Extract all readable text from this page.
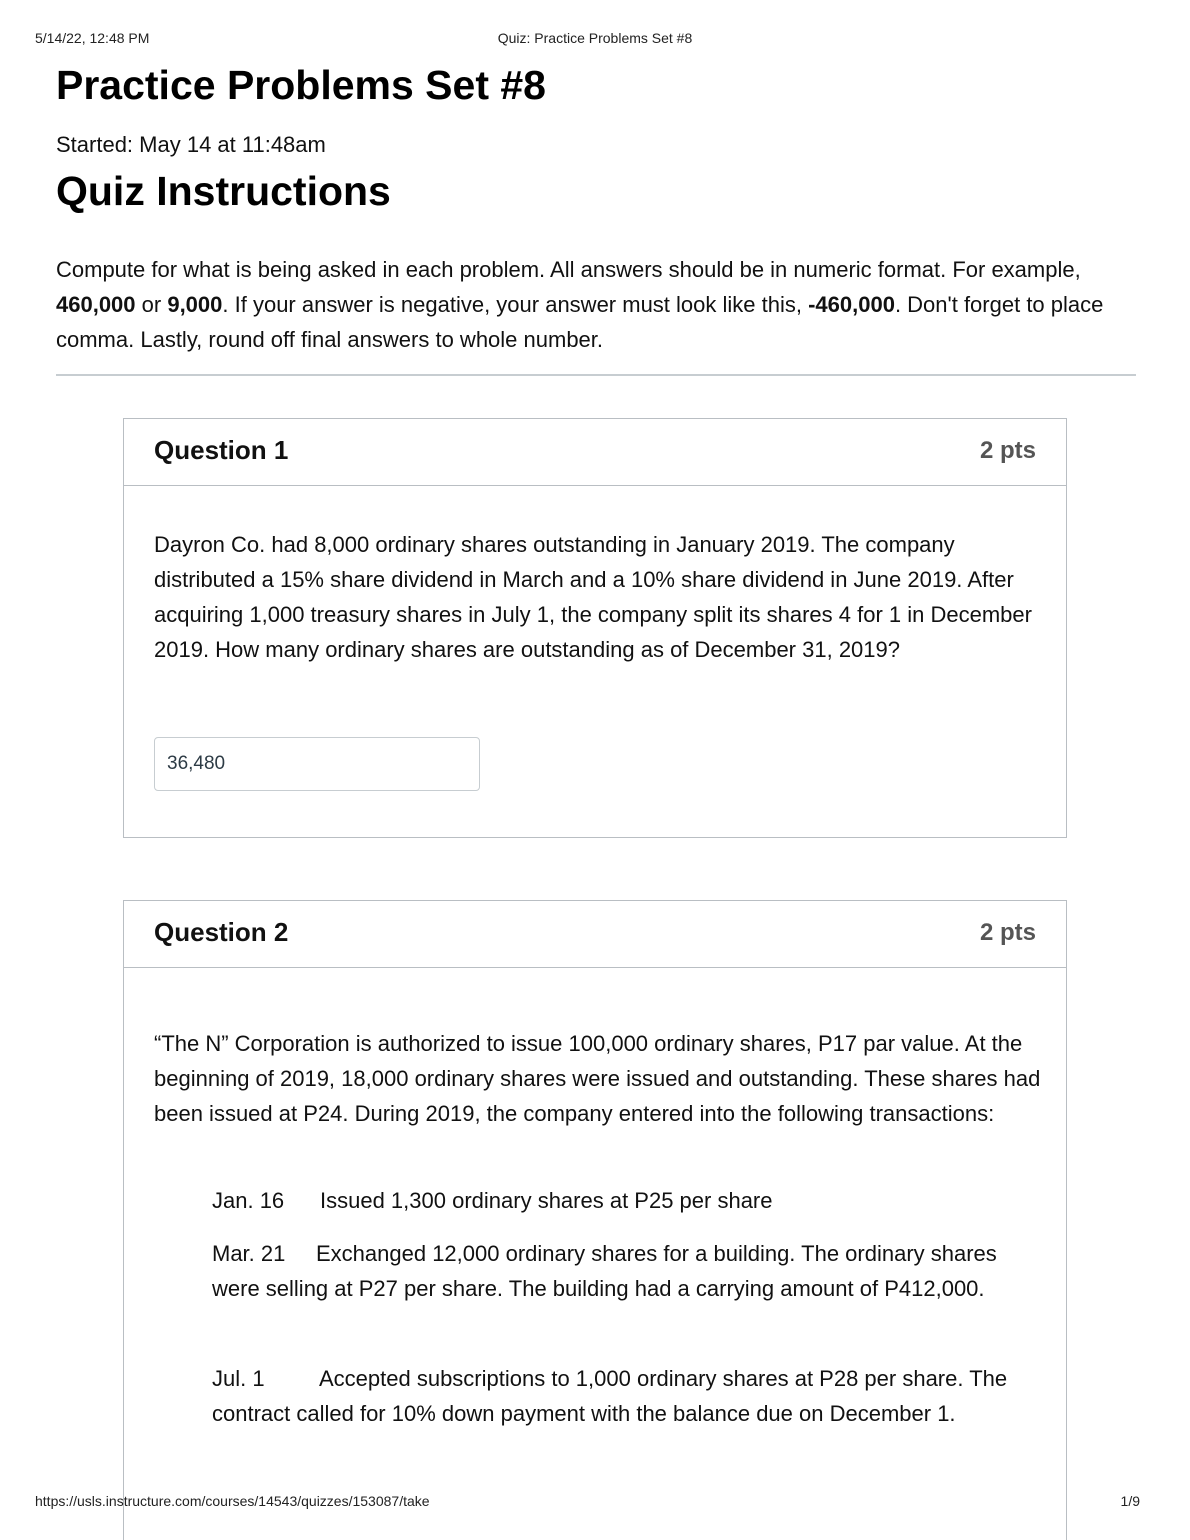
5/14/22, 12:48 PM	Quiz: Practice Problems Set #8
Practice Problems Set #8
Started: May 14 at 11:48am
Quiz Instructions
Compute for what is being asked in each problem. All answers should be in numeric format. For example, 460,000 or 9,000. If your answer is negative, your answer must look like this, -460,000. Don't forget to place comma. Lastly, round off final answers to whole number.
Question 1	2 pts
Dayron Co. had 8,000 ordinary shares outstanding in January 2019. The company distributed a 15% share dividend in March and a 10% share dividend in June 2019. After acquiring 1,000 treasury shares in July 1, the company split its shares 4 for 1 in December 2019. How many ordinary shares are outstanding as of December 31, 2019?
36,480
Question 2	2 pts
“The N” Corporation is authorized to issue 100,000 ordinary shares, P17 par value. At the beginning of 2019, 18,000 ordinary shares were issued and outstanding. These shares had been issued at P24. During 2019, the company entered into the following transactions:
Jan. 16 Issued 1,300 ordinary shares at P25 per share
Mar. 21 Exchanged 12,000 ordinary shares for a building. The ordinary shares were selling at P27 per share. The building had a carrying amount of P412,000.
Jul. 1 Accepted subscriptions to 1,000 ordinary shares at P28 per share. The contract called for 10% down payment with the balance due on December 1.
https://usls.instructure.com/courses/14543/quizzes/153087/take	1/9
